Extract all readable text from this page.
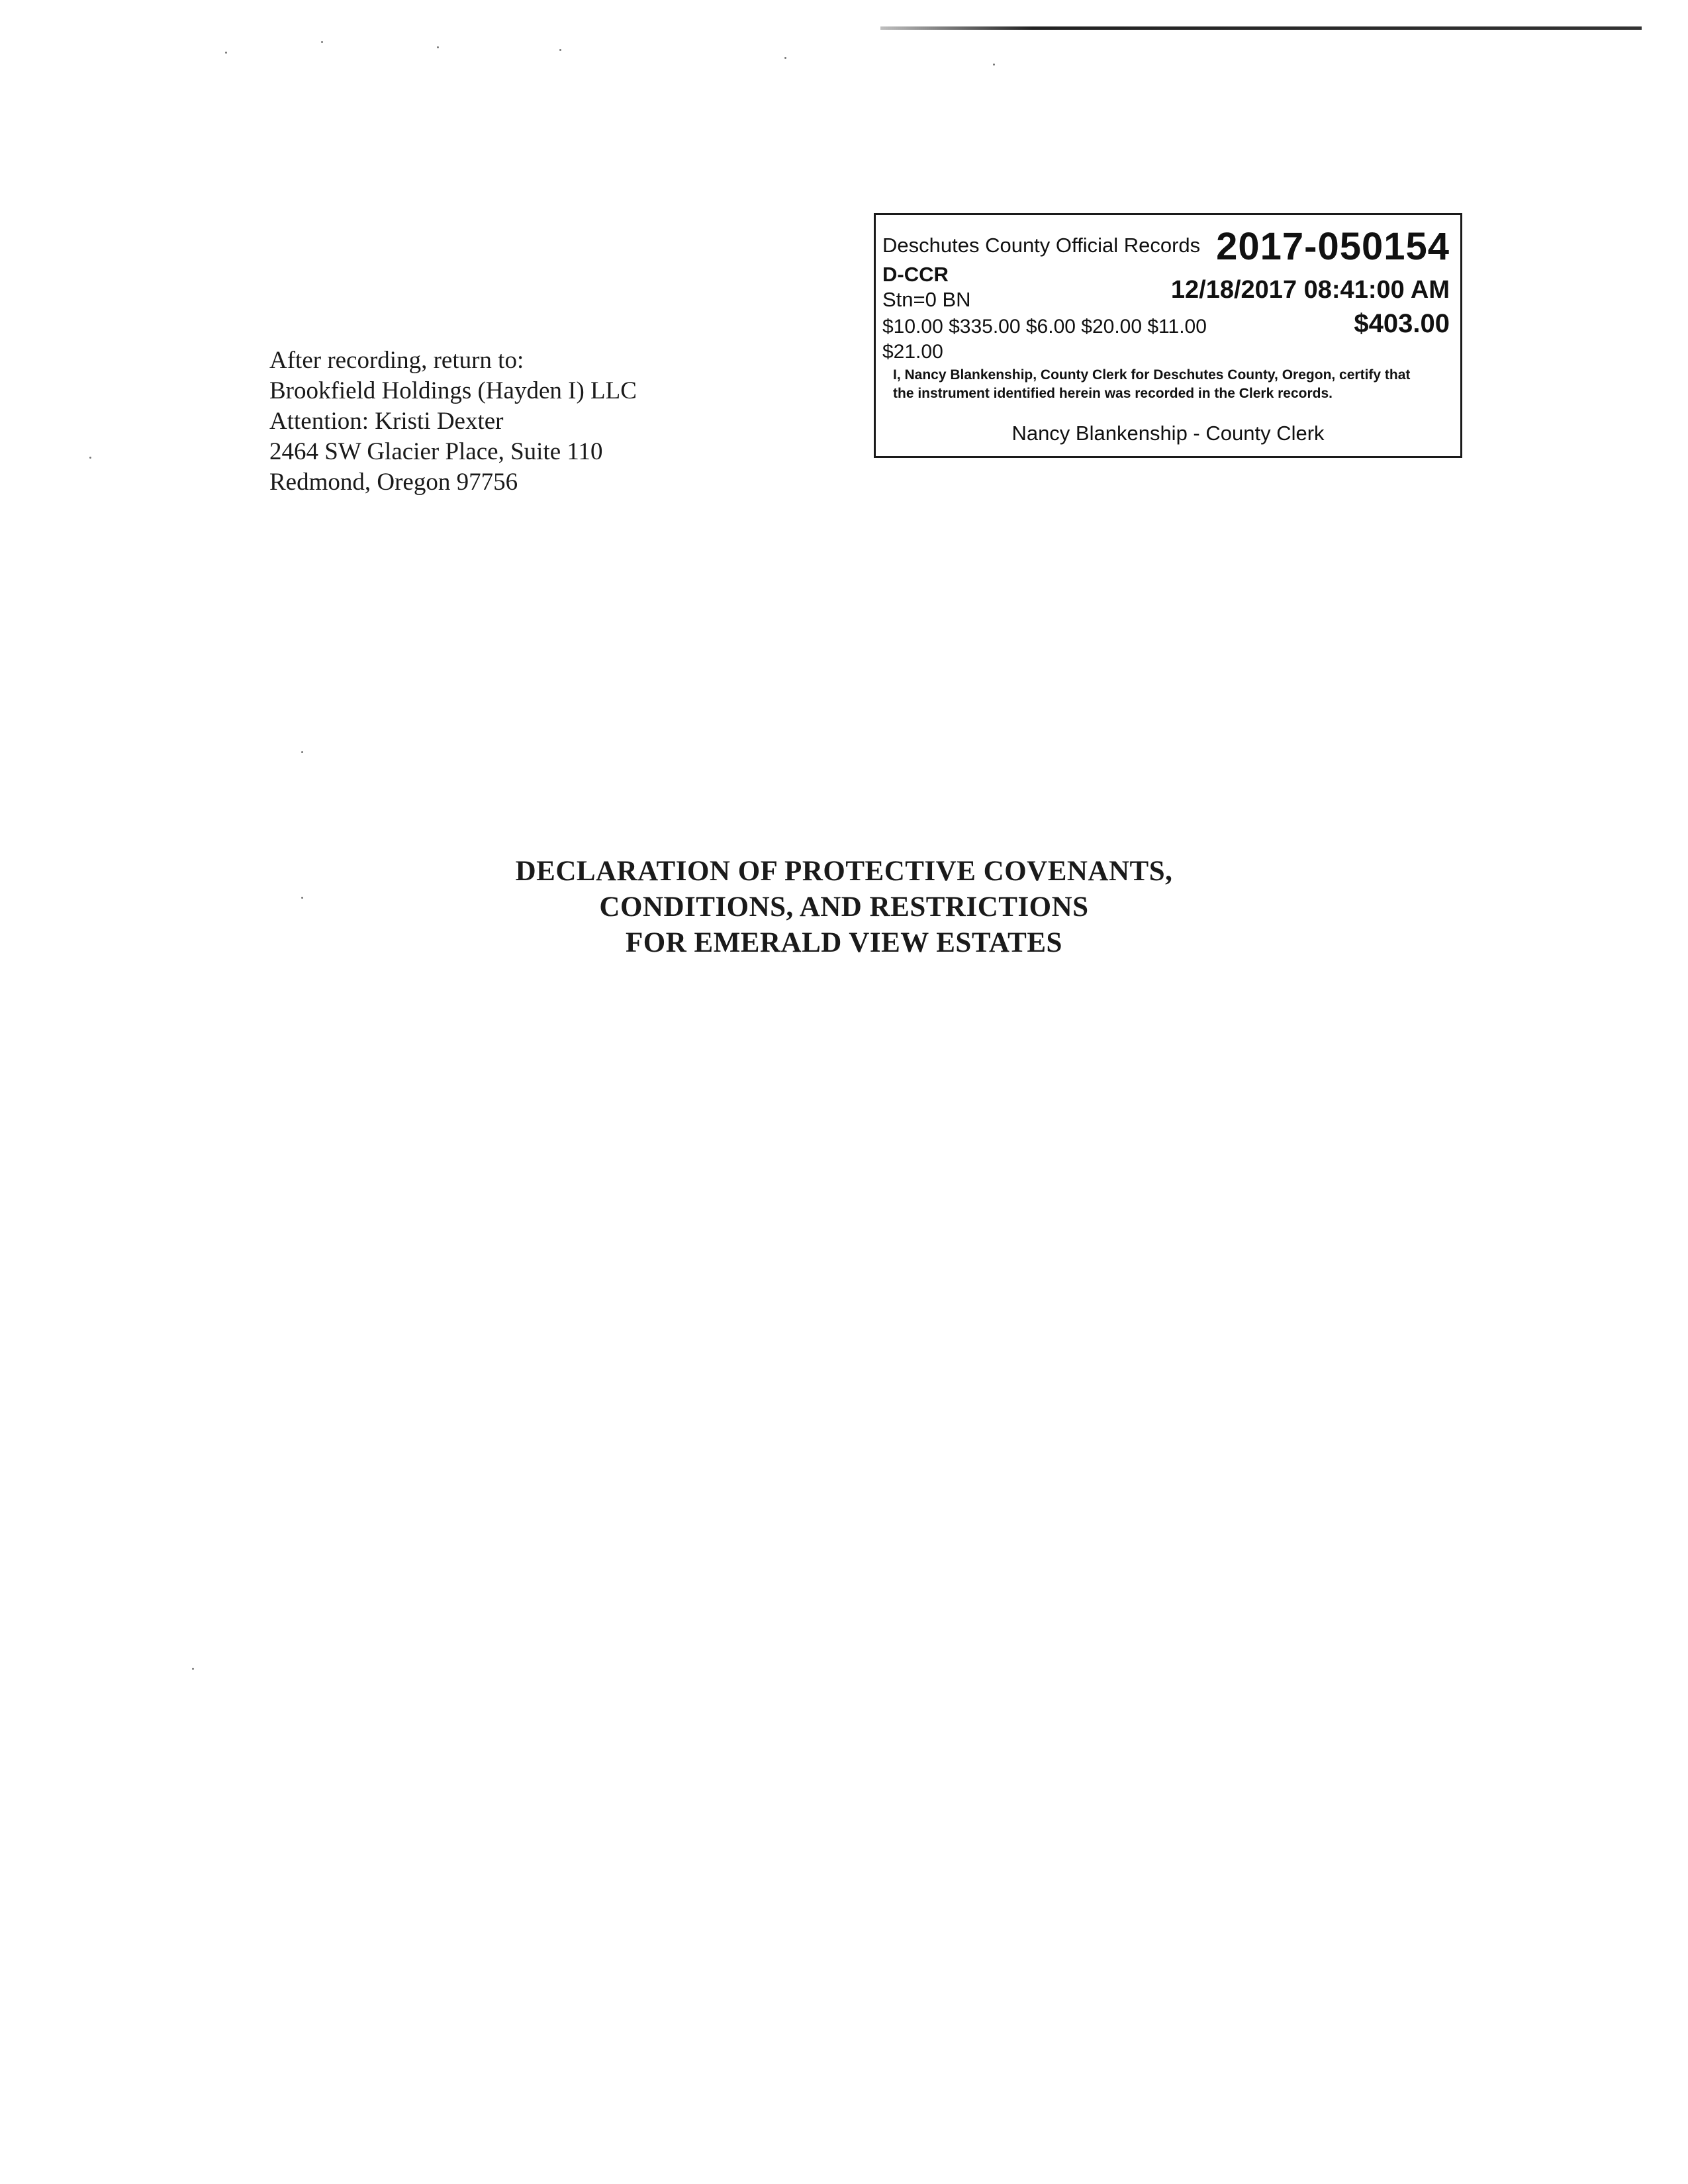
After recording, return to:
Brookfield Holdings (Hayden I) LLC
Attention: Kristi Dexter
2464 SW Glacier Place, Suite 110
Redmond, Oregon 97756
Deschutes County Official Records 2017-050154
D-CCR
Stn=0 BN	12/18/2017 08:41:00 AM
$10.00 $335.00 $6.00 $20.00 $11.00	$403.00
$21.00
I, Nancy Blankenship, County Clerk for Deschutes County, Oregon, certify that the instrument identified herein was recorded in the Clerk records.
Nancy Blankenship - County Clerk
DECLARATION OF PROTECTIVE COVENANTS,
CONDITIONS, AND RESTRICTIONS
FOR EMERALD VIEW ESTATES
